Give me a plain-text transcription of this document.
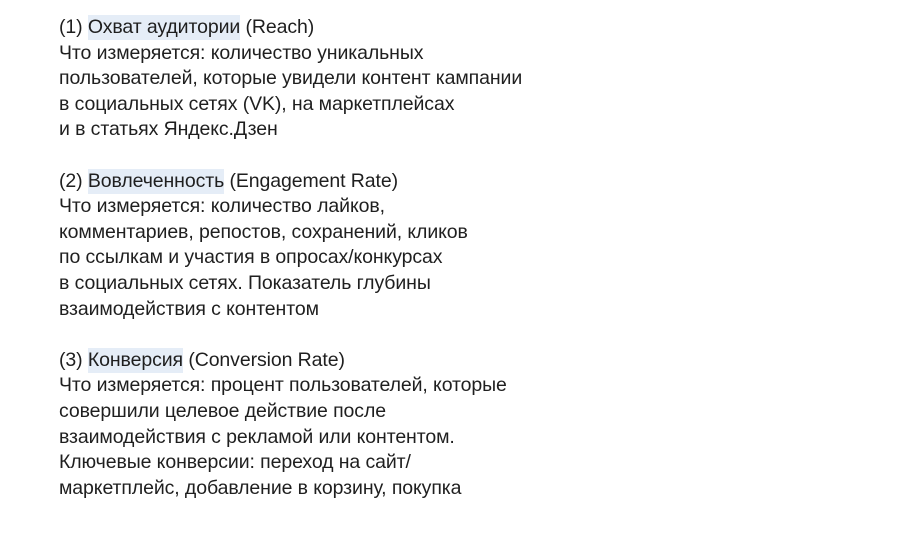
(1) Охват аудитории (Reach)
Что измеряется: количество уникальных
пользователей, которые увидели контент кампании
в социальных сетях (VK), на маркетплейсах
и в статьях Яндекс.Дзен
(2) Вовлеченность (Engagement Rate)
Что измеряется: количество лайков,
комментариев, репостов, сохранений, кликов
по ссылкам и участия в опросах/конкурсах
в социальных сетях. Показатель глубины
взаимодействия с контентом
(3) Конверсия (Conversion Rate)
Что измеряется: процент пользователей, которые
совершили целевое действие после
взаимодействия с рекламой или контентом.
Ключевые конверсии: переход на сайт/
маркетплейс, добавление в корзину, покупка
